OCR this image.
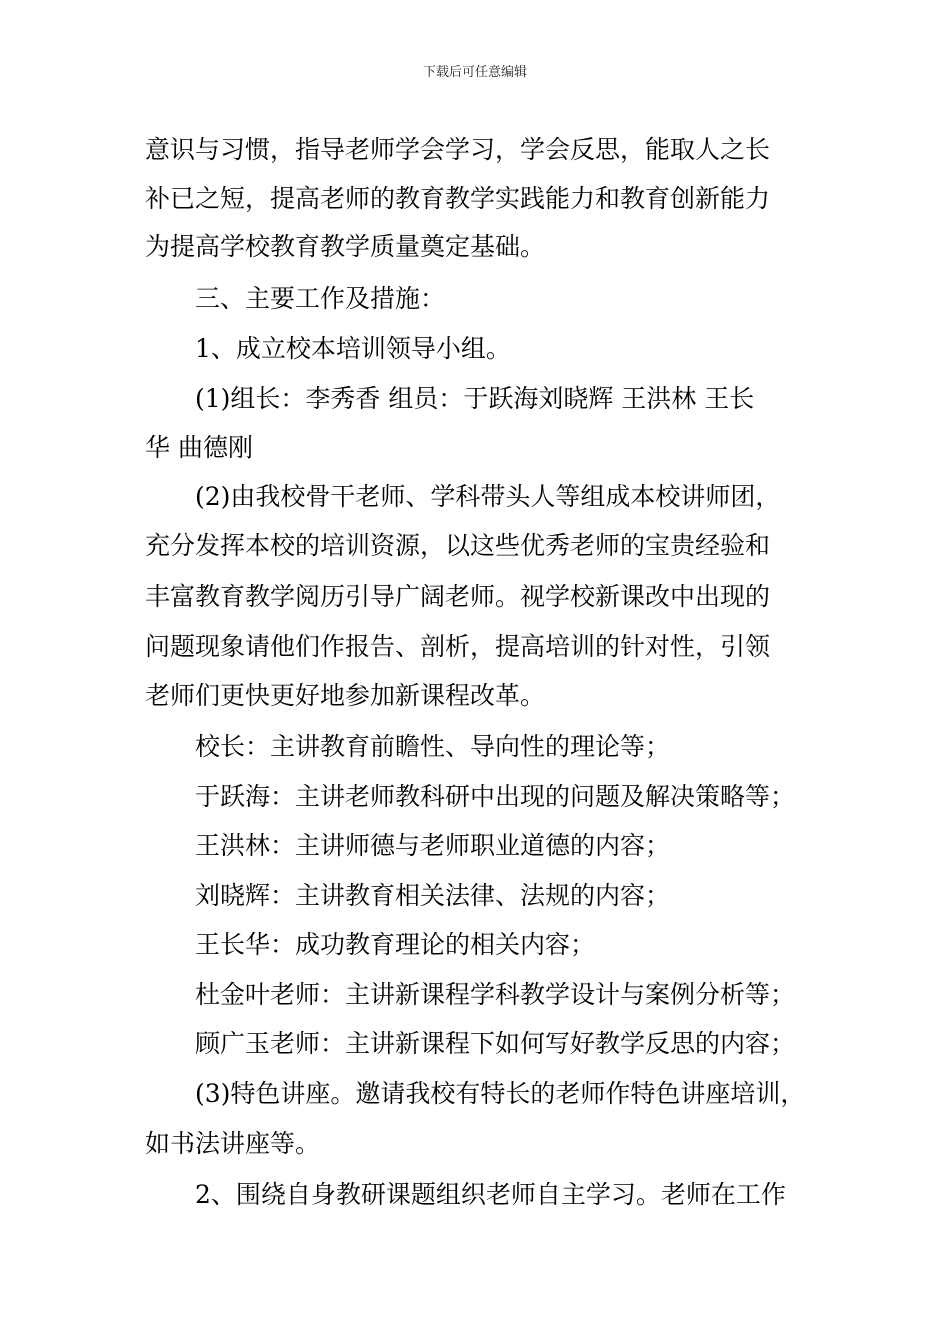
下载后可任意编辑
意识与习惯，指导老师学会学习，学会反思，能取人之长
补已之短，提高老师的教育教学实践能力和教育创新能力
为提高学校教育教学质量奠定基础。
三、主要工作及措施：
1、成立校本培训领导小组。
(1)组长：李秀香 组员：于跃海刘晓辉 王洪林 王长
华 曲德刚
(2)由我校骨干老师、学科带头人等组成本校讲师团，
充分发挥本校的培训资源，以这些优秀老师的宝贵经验和
丰富教育教学阅历引导广阔老师。视学校新课改中出现的
问题现象请他们作报告、剖析，提高培训的针对性，引领
老师们更快更好地参加新课程改革。
校长：主讲教育前瞻性、导向性的理论等；
于跃海：主讲老师教科研中出现的问题及解决策略等；
王洪林：主讲师德与老师职业道德的内容；
刘晓辉：主讲教育相关法律、法规的内容；
王长华：成功教育理论的相关内容；
杜金叶老师：主讲新课程学科教学设计与案例分析等；
顾广玉老师：主讲新课程下如何写好教学反思的内容；
(3)特色讲座。邀请我校有特长的老师作特色讲座培训，
如书法讲座等。
2、围绕自身教研课题组织老师自主学习。老师在工作
